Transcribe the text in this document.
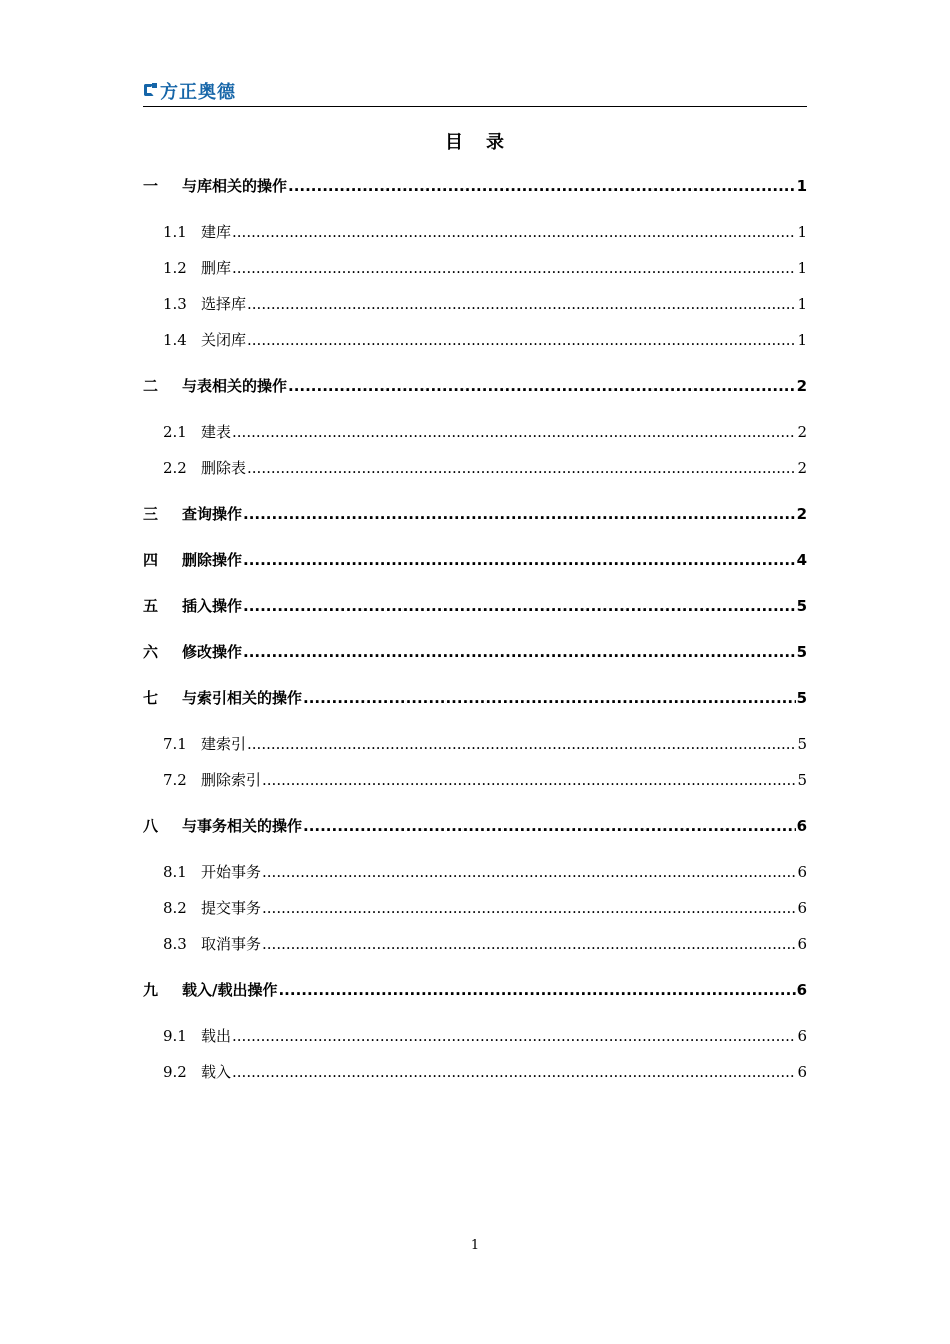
方正奥德
目 录
一	与库相关的操作 .....	1
1.1 建库 .....	1
1.2 删库 .....	1
1.3 选择库 .....	1
1.4 关闭库 .....	1
二	与表相关的操作 .....	2
2.1 建表 .....	2
2.2 删除表 .....	2
三	查询操作 .....	2
四	删除操作 .....	4
五	插入操作 .....	5
六	修改操作 .....	5
七	与索引相关的操作 .....	5
7.1 建索引 .....	5
7.2 删除索引 .....	5
八	与事务相关的操作 .....	6
8.1 开始事务 .....	6
8.2 提交事务 .....	6
8.3 取消事务 .....	6
九	载入/载出操作 .....	6
9.1 载出 .....	6
9.2 载入 .....	6
1
